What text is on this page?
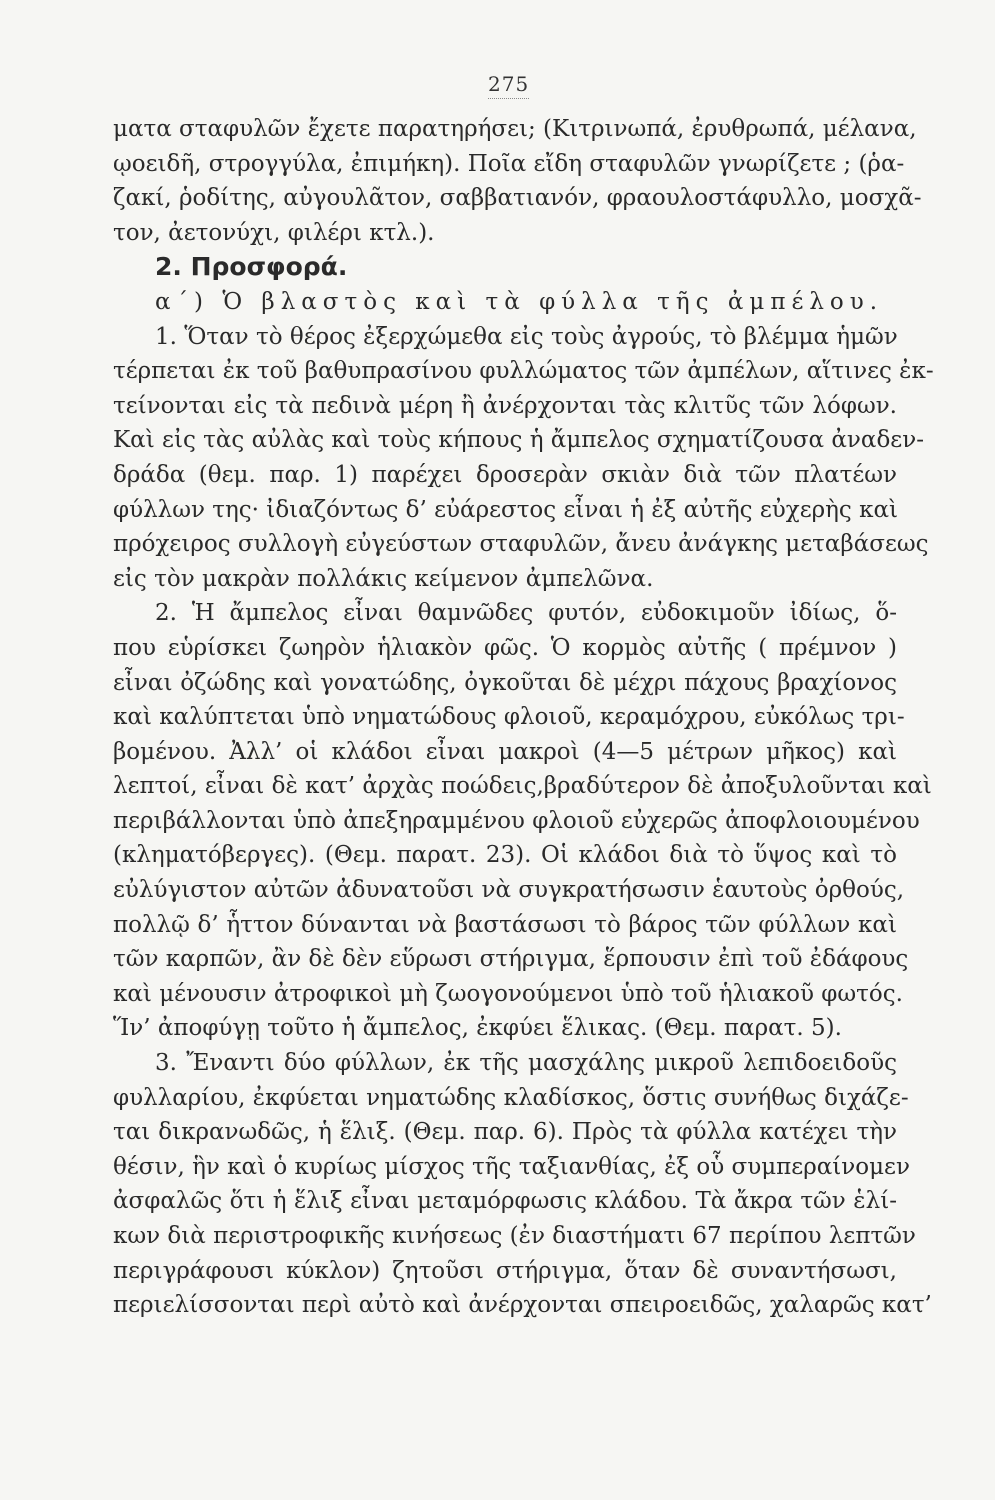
275
ματα σταφυλῶν ἔχετε παρατηρήσει; (Κιτρινωπά, ἐρυθρωπά, μέλανα,
ῳοειδῆ, στρογγύλα, ἐπιμήκη). Ποῖα εἴδη σταφυλῶν γνωρίζετε ; (ῥα-
ζακί, ῥοδίτης, αὐγουλᾶτον, σαββατιανόν, φραουλοστάφυλλο, μοσχᾶ-
τον, ἀετονύχι, φιλέρι κτλ.).
2. Προσφορά.
α΄) Ὁ βλαστὸς καὶ τὰ φύλλα τῆς ἀμπέλου.
1. Ὅταν τὸ θέρος ἐξερχώμεθα εἰς τοὺς ἀγρούς, τὸ βλέμμα ἡμῶν
τέρπεται ἐκ τοῦ βαθυπρασίνου φυλλώματος τῶν ἀμπέλων, αἵτινες ἐκ-
τείνονται εἰς τὰ πεδινὰ μέρη ἢ ἀνέρχονται τὰς κλιτῦς τῶν λόφων.
Καὶ εἰς τὰς αὐλὰς καὶ τοὺς κήπους ἡ ἄμπελος σχηματίζουσα ἀναδεν-
δράδα (θεμ. παρ. 1) παρέχει δροσερὰν σκιὰν διὰ τῶν πλατέων
φύλλων της· ἰδιαζόντως δ’ εὐάρεστος εἶναι ἡ ἐξ αὐτῆς εὐχερὴς καὶ
πρόχειρος συλλογὴ εὐγεύστων σταφυλῶν, ἄνευ ἀνάγκης μεταβάσεως
εἰς τὸν μακρὰν πολλάκις κείμενον ἀμπελῶνα.
2. Ἡ ἄμπελος εἶναι θαμνῶδες φυτόν, εὐδοκιμοῦν ἰδίως, ὅ-
που εὑρίσκει ζωηρὸν ἡλιακὸν φῶς. Ὁ κορμὸς αὐτῆς ( πρέμνον )
εἶναι ὀζώδης καὶ γονατώδης, ὀγκοῦται δὲ μέχρι πάχους βραχίονος
καὶ καλύπτεται ὑπὸ νηματώδους φλοιοῦ, κεραμόχρου, εὐκόλως τρι-
βομένου. Ἀλλ’ οἱ κλάδοι εἶναι μακροὶ (4—5 μέτρων μῆκος) καὶ
λεπτοί, εἶναι δὲ κατ’ ἀρχὰς ποώδεις,βραδύτερον δὲ ἀποξυλοῦνται καὶ
περιβάλλονται ὑπὸ ἀπεξηραμμένου φλοιοῦ εὐχερῶς ἀποφλοιουμένου
(κληματόβεργες). (Θεμ. παρατ. 23). Οἱ κλάδοι διὰ τὸ ὕψος καὶ τὸ
εὐλύγιστον αὐτῶν ἀδυνατοῦσι νὰ συγκρατήσωσιν ἑαυτοὺς ὀρθούς,
πολλῷ δ’ ἧττον δύνανται νὰ βαστάσωσι τὸ βάρος τῶν φύλλων καὶ
τῶν καρπῶν, ἂν δὲ δὲν εὕρωσι στήριγμα, ἕρπουσιν ἐπὶ τοῦ ἐδάφους
καὶ μένουσιν ἀτροφικοὶ μὴ ζωογονούμενοι ὑπὸ τοῦ ἡλιακοῦ φωτός.
Ἵν’ ἀποφύγῃ τοῦτο ἡ ἄμπελος, ἐκφύει ἕλικας. (Θεμ. παρατ. 5).
3. Ἔναντι δύο φύλλων, ἐκ τῆς μασχάλης μικροῦ λεπιδοειδοῦς
φυλλαρίου, ἐκφύεται νηματώδης κλαδίσκος, ὅστις συνήθως διχάζε-
ται δικρανωδῶς, ἡ ἕλιξ. (Θεμ. παρ. 6). Πρὸς τὰ φύλλα κατέχει τὴν
θέσιν, ἣν καὶ ὁ κυρίως μίσχος τῆς ταξιανθίας, ἐξ οὗ συμπεραίνομεν
ἀσφαλῶς ὅτι ἡ ἕλιξ εἶναι μεταμόρφωσις κλάδου. Τὰ ἄκρα τῶν ἑλί-
κων διὰ περιστροφικῆς κινήσεως (ἐν διαστήματι 67 περίπου λεπτῶν
περιγράφουσι κύκλον) ζητοῦσι στήριγμα, ὅταν δὲ συναντήσωσι,
περιελίσσονται περὶ αὐτὸ καὶ ἀνέρχονται σπειροειδῶς, χαλαρῶς κατ’
